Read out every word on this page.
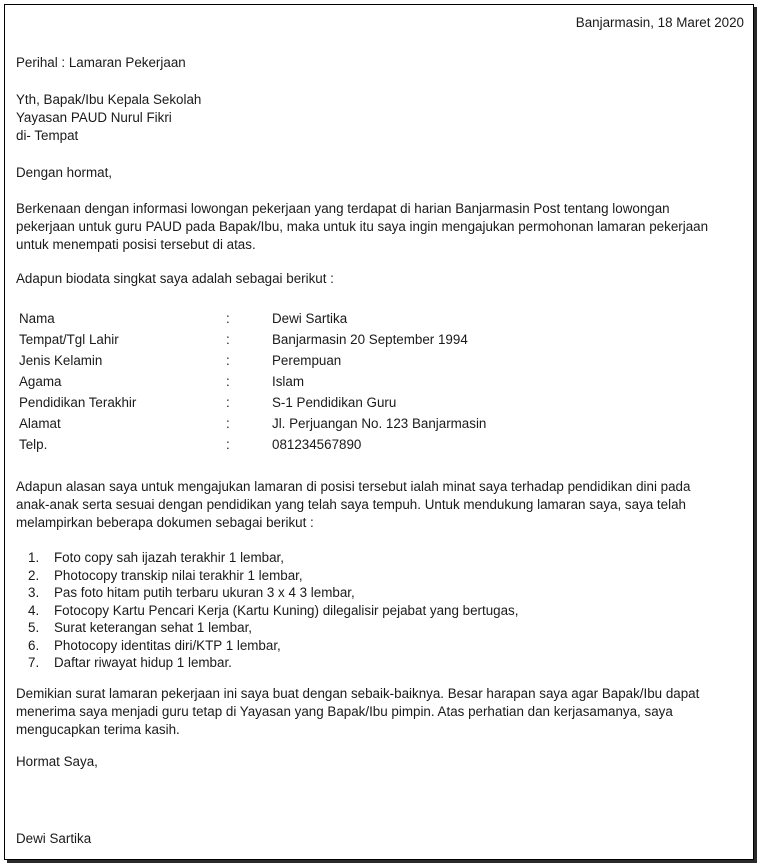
Banjarmasin, 18 Maret 2020
Perihal : Lamaran Pekerjaan
Yth, Bapak/Ibu Kepala Sekolah
Yayasan PAUD Nurul Fikri
di- Tempat
Dengan hormat,
Berkenaan dengan informasi lowongan pekerjaan yang terdapat di harian Banjarmasin Post tentang lowongan
pekerjaan untuk guru PAUD pada Bapak/Ibu, maka untuk itu saya ingin mengajukan permohonan lamaran pekerjaan
untuk menempati posisi tersebut di atas.
Adapun biodata singkat saya adalah sebagai berikut :
Nama	:	Dewi Sartika
Tempat/Tgl Lahir	:	Banjarmasin 20 September 1994
Jenis Kelamin	:	Perempuan
Agama	:	Islam
Pendidikan Terakhir	:	S-1 Pendidikan Guru
Alamat	:	Jl. Perjuangan No. 123 Banjarmasin
Telp.	:	081234567890
Adapun alasan saya untuk mengajukan lamaran di posisi tersebut ialah minat saya terhadap pendidikan dini pada
anak-anak serta sesuai dengan pendidikan yang telah saya tempuh. Untuk mendukung lamaran saya, saya telah
melampirkan beberapa dokumen sebagai berikut :
1. Foto copy sah ijazah terakhir 1 lembar,
2. Photocopy transkip nilai terakhir 1 lembar,
3. Pas foto hitam putih terbaru ukuran 3 x 4 3 lembar,
4. Fotocopy Kartu Pencari Kerja (Kartu Kuning) dilegalisir pejabat yang bertugas,
5. Surat keterangan sehat 1 lembar,
6. Photocopy identitas diri/KTP 1 lembar,
7. Daftar riwayat hidup 1 lembar.
Demikian surat lamaran pekerjaan ini saya buat dengan sebaik-baiknya. Besar harapan saya agar Bapak/Ibu dapat
menerima saya menjadi guru tetap di Yayasan yang Bapak/Ibu pimpin. Atas perhatian dan kerjasamanya, saya
mengucapkan terima kasih.
Hormat Saya,
Dewi Sartika
